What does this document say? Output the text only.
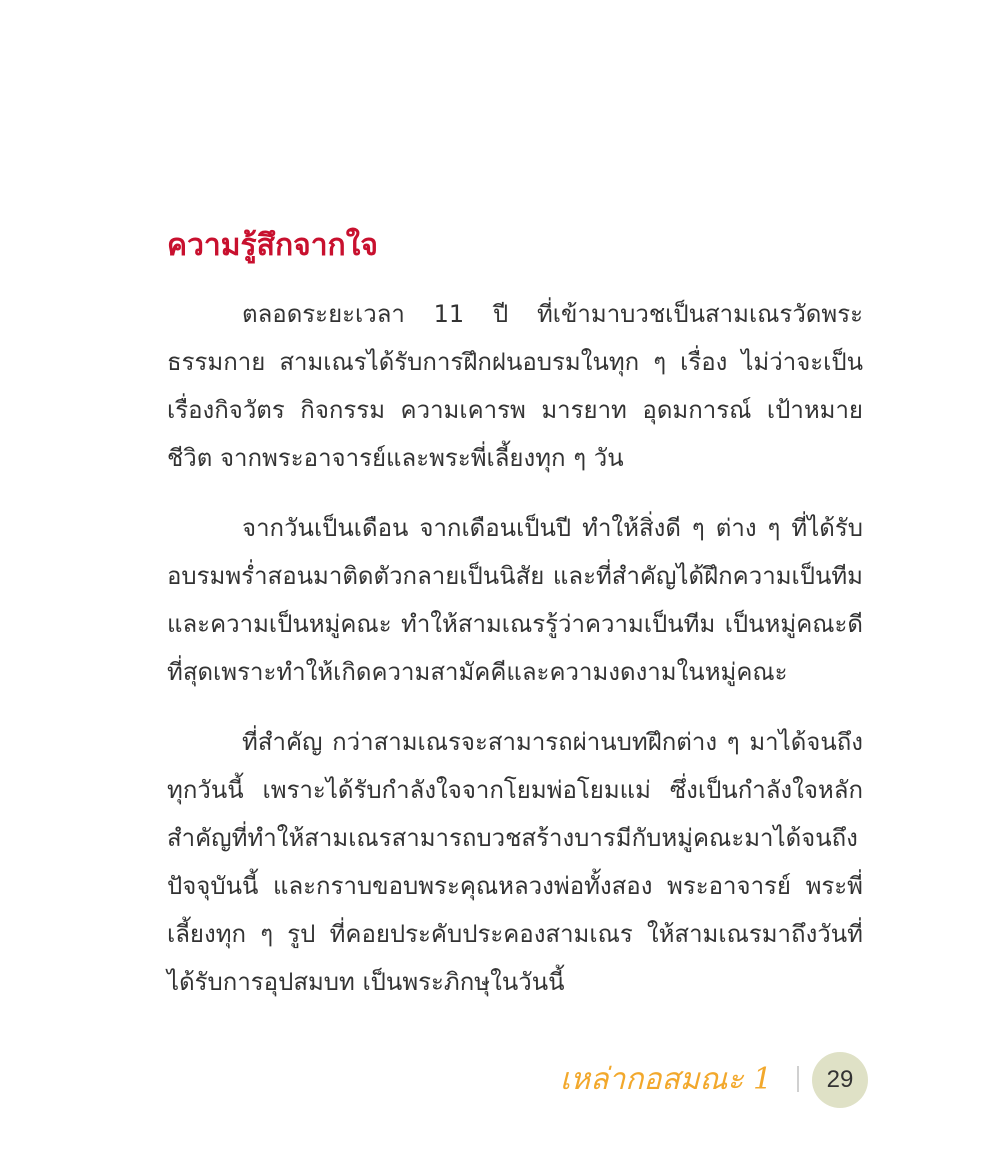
ความรู้สึกจากใจ

ตลอดระยะเวลา 11 ปี ที่เข้ามาบวชเป็นสามเณรวัดพระธรรมกาย สามเณรได้รับการฝึกฝนอบรมในทุก ๆ เรื่อง ไม่ว่าจะเป็นเรื่องกิจวัตร กิจกรรม ความเคารพ มารยาท อุดมการณ์ เป้าหมายชีวิต จากพระอาจารย์และพระพี่เลี้ยงทุก ๆ วัน

จากวันเป็นเดือน จากเดือนเป็นปี ทำให้สิ่งดี ๆ ต่าง ๆ ที่ได้รับอบรมพร่ำสอนมาติดตัวกลายเป็นนิสัย และที่สำคัญได้ฝึกความเป็นทีมและความเป็นหมู่คณะ ทำให้สามเณรรู้ว่าความเป็นทีม เป็นหมู่คณะดีที่สุดเพราะทำให้เกิดความสามัคคีและความงดงามในหมู่คณะ

ที่สำคัญ กว่าสามเณรจะสามารถผ่านบทฝึกต่าง ๆ มาได้จนถึงทุกวันนี้ เพราะได้รับกำลังใจจากโยมพ่อโยมแม่ ซึ่งเป็นกำลังใจหลักสำคัญที่ทำให้สามเณรสามารถบวชสร้างบารมีกับหมู่คณะมาได้จนถึงปัจจุบันนี้ และกราบขอบพระคุณหลวงพ่อทั้งสอง พระอาจารย์ พระพี่เลี้ยงทุก ๆ รูป ที่คอยประคับประคองสามเณร ให้สามเณรมาถึงวันที่ได้รับการอุปสมบท เป็นพระภิกษุในวันนี้

เหล่ากอสมณะ 1	29
